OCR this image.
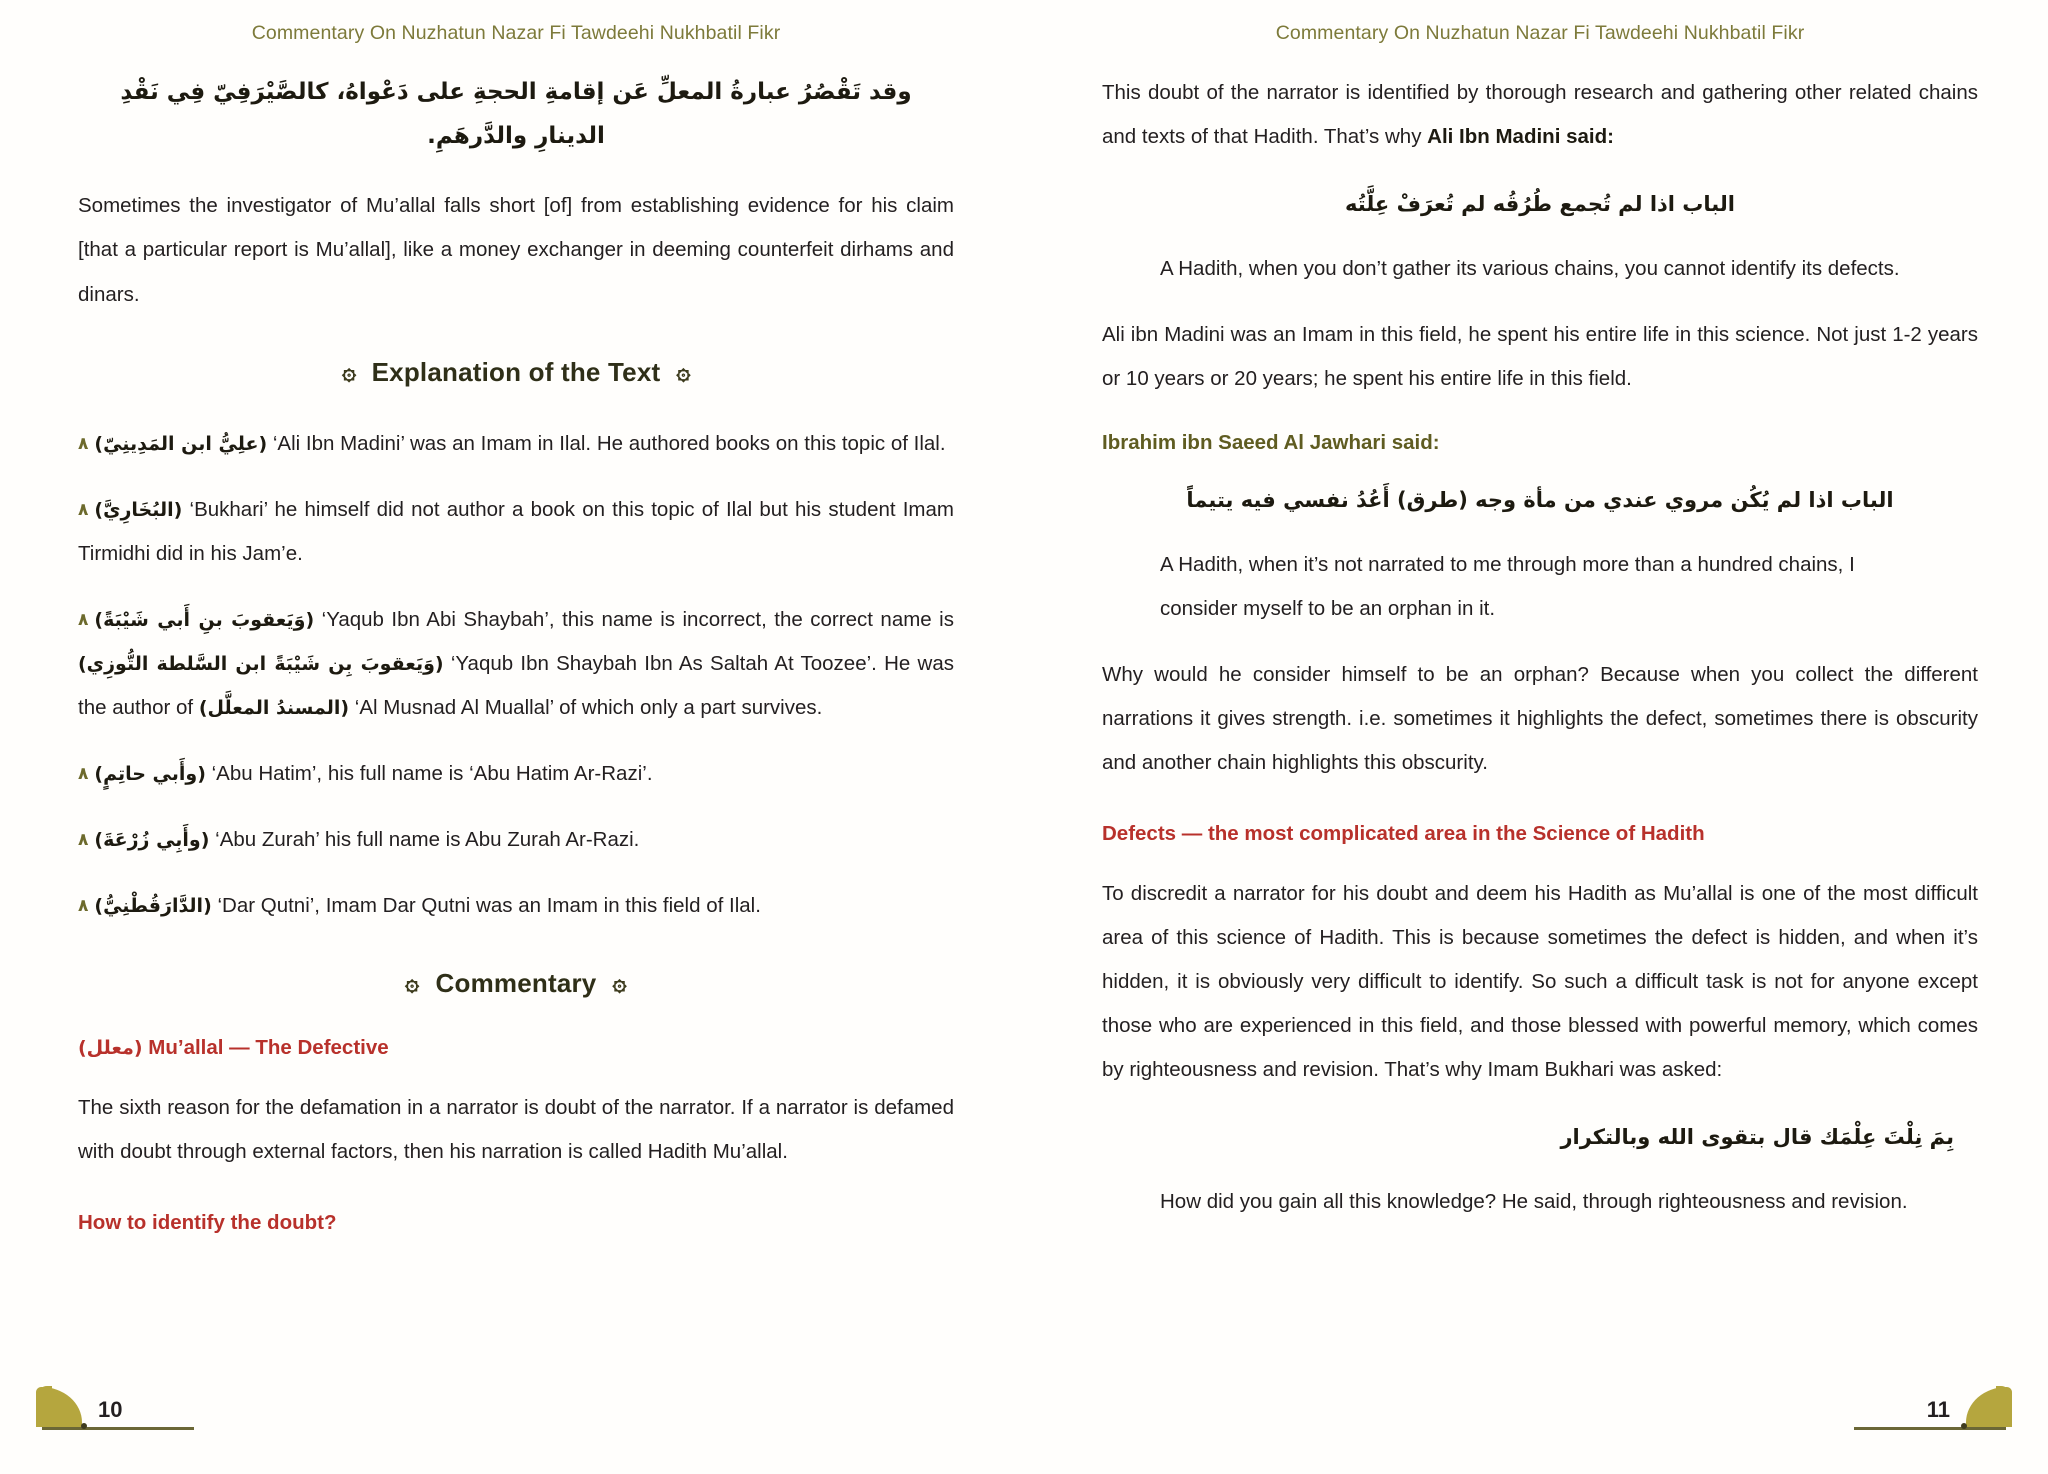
Commentary On Nuzhatun Nazar Fi Tawdeehi Nukhbatil Fikr
وقد تَقْصُرُ عبارةُ المعلِّ عَن إقامةِ الحجةِ على دَعْواهُ، كالصَّيْرَفِيّ فِي نَقْدِ الدينارِ والدَّرهَمِ.

Sometimes the investigator of Mu’allal falls short [of] from establishing evidence for his claim [that a particular report is Mu’allal], like a money exchanger in deeming counterfeit dirhams and dinars.

۞ Explanation of the Text ۞
٨ (علِيُّ ابن المَدِينِيّ) ‘Ali Ibn Madini’ was an Imam in Ilal. He authored books on this topic of Ilal.
٨ (البُخَارِيَّ) ‘Bukhari’ he himself did not author a book on this topic of Ilal but his student Imam Tirmidhi did in his Jam’e.
٨ (وَيَعقوبَ بنِ أَبي شَيْبَةً) ‘Yaqub Ibn Abi Shaybah’, this name is incorrect, the correct name is (وَيَعقوبَ بِن شَيْبَةً ابن السَّلطة التُّوزِي) ‘Yaqub Ibn Shaybah Ibn As Saltah At Toozee’. He was the author of (المسندُ المعلَّل) ‘Al Musnad Al Muallal’ of which only a part survives.
٨ (وأَبي حاتِمٍ) ‘Abu Hatim’, his full name is ‘Abu Hatim Ar-Razi’.
٨ (وأَبِي زُرْعَةَ) ‘Abu Zurah’ his full name is Abu Zurah Ar-Razi.
٨ (الدَّارَقُطْنِيُّ) ‘Dar Qutni’, Imam Dar Qutni was an Imam in this field of Ilal.
۞ Commentary ۞
(معلل) Mu’allal — The Defective

The sixth reason for the defamation in a narrator is doubt of the narrator. If a narrator is defamed with doubt through external factors, then his narration is called Hadith Mu’allal.

How to identify the doubt?
10
Commentary On Nuzhatun Nazar Fi Tawdeehi Nukhbatil Fikr

This doubt of the narrator is identified by thorough research and gathering other related chains and texts of that Hadith. That’s why Ali Ibn Madini said:

الباب اذا لم تُجمع طُرُقُه لم تُعرَفْ عِلَّتُه

A Hadith, when you don’t gather its various chains, you cannot identify its defects.

Ali ibn Madini was an Imam in this field, he spent his entire life in this science. Not just 1-2 years or 10 years or 20 years; he spent his entire life in this field.

Ibrahim ibn Saeed Al Jawhari said:
الباب اذا لم يُكُن مروي عندي من مأة وجه (طرق) أَعُدُ نفسي فيه يتيماً

A Hadith, when it’s not narrated to me through more than a hundred chains, I consider myself to be an orphan in it.

Why would he consider himself to be an orphan? Because when you collect the different narrations it gives strength. i.e. sometimes it highlights the defect, sometimes there is obscurity and another chain highlights this obscurity.

Defects — the most complicated area in the Science of Hadith

To discredit a narrator for his doubt and deem his Hadith as Mu’allal is one of the most difficult area of this science of Hadith. This is because sometimes the defect is hidden, and when it’s hidden, it is obviously very difficult to identify. So such a difficult task is not for anyone except those who are experienced in this field, and those blessed with powerful memory, which comes by righteousness and revision. That’s why Imam Bukhari was asked:

بِمَ نِلْتَ عِلْمَك قال بتقوى الله وبالتكرار

How did you gain all this knowledge? He said, through righteousness and revision.

11
